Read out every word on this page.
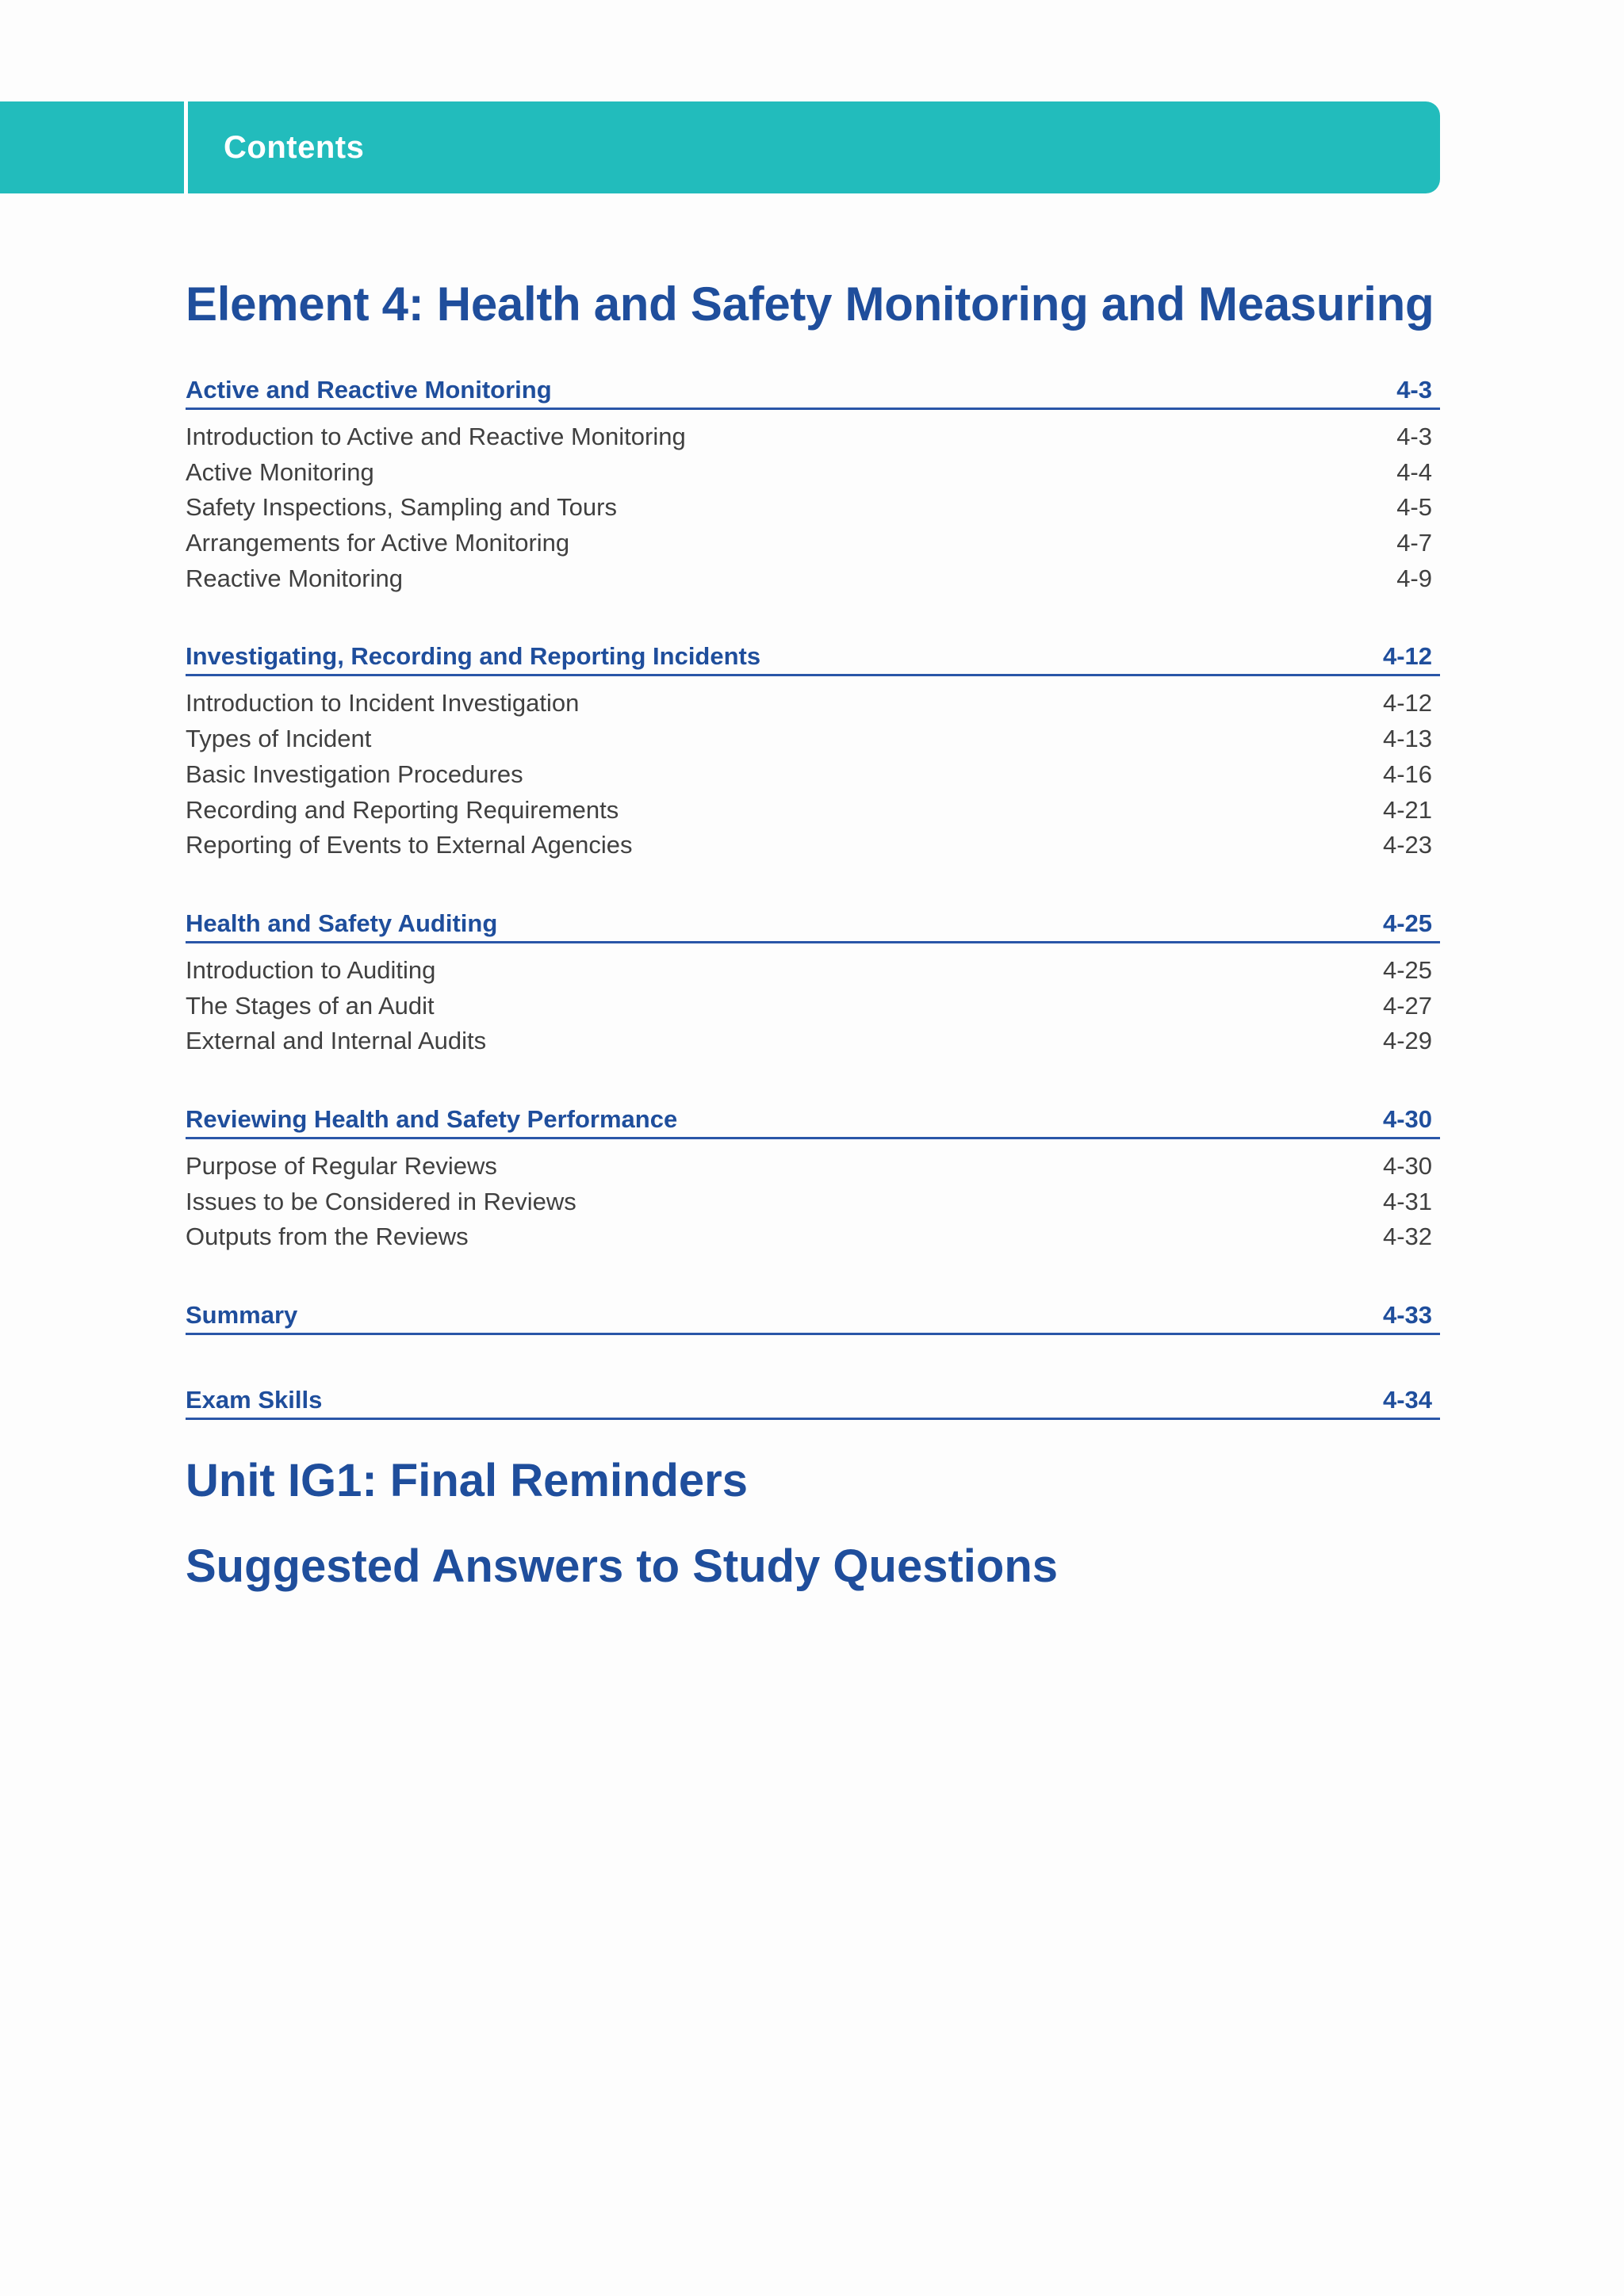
Contents
Element 4: Health and Safety Monitoring and Measuring
Active and Reactive Monitoring	4-3
Introduction to Active and Reactive Monitoring	4-3
Active Monitoring	4-4
Safety Inspections, Sampling and Tours	4-5
Arrangements for Active Monitoring	4-7
Reactive Monitoring	4-9
Investigating, Recording and Reporting Incidents	4-12
Introduction to Incident Investigation	4-12
Types of Incident	4-13
Basic Investigation Procedures	4-16
Recording and Reporting Requirements	4-21
Reporting of Events to External Agencies	4-23
Health and Safety Auditing	4-25
Introduction to Auditing	4-25
The Stages of an Audit	4-27
External and Internal Audits	4-29
Reviewing Health and Safety Performance	4-30
Purpose of Regular Reviews	4-30
Issues to be Considered in Reviews	4-31
Outputs from the Reviews	4-32
Summary	4-33
Exam Skills	4-34
Unit IG1: Final Reminders
Suggested Answers to Study Questions
